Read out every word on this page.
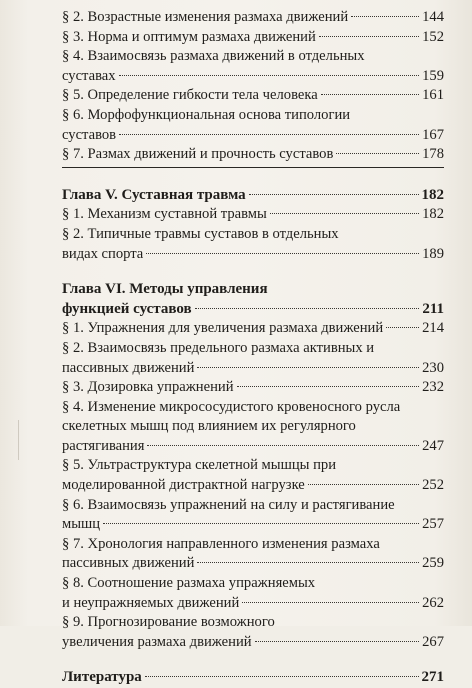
§ 2. Возрастные изменения размаха движений	144
§ 3. Норма и оптимум размаха движений	152
§ 4. Взаимосвязь размаха движений в отдельных
суставах	159
§ 5. Определение гибкости тела человека	161
§ 6. Морфофункциональная основа типологии
суставов	167
§ 7. Размах движений и прочность суставов	178
Глава V. Суставная травма	182
§ 1. Механизм суставной травмы	182
§ 2. Типичные травмы суставов в отдельных
видах спорта	189
Глава VI. Методы управления
функцией суставов	211
§ 1. Упражнения для увеличения размаха движений	214
§ 2. Взаимосвязь предельного размаха активных и
пассивных движений	230
§ 3. Дозировка упражнений	232
§ 4. Изменение микрососудистого кровеносного русла
скелетных мышц под влиянием их регулярного
растягивания	247
§ 5. Ультраструктура скелетной мышцы при
моделированной дистрактной нагрузке	252
§ 6. Взаимосвязь упражнений на силу и растягивание
мышц	257
§ 7. Хронология направленного изменения размаха
пассивных движений	259
§ 8. Соотношение размаха упражняемых
и неупражняемых движений	262
§ 9. Прогнозирование возможного
увеличения размаха движений	267
Литература	271
